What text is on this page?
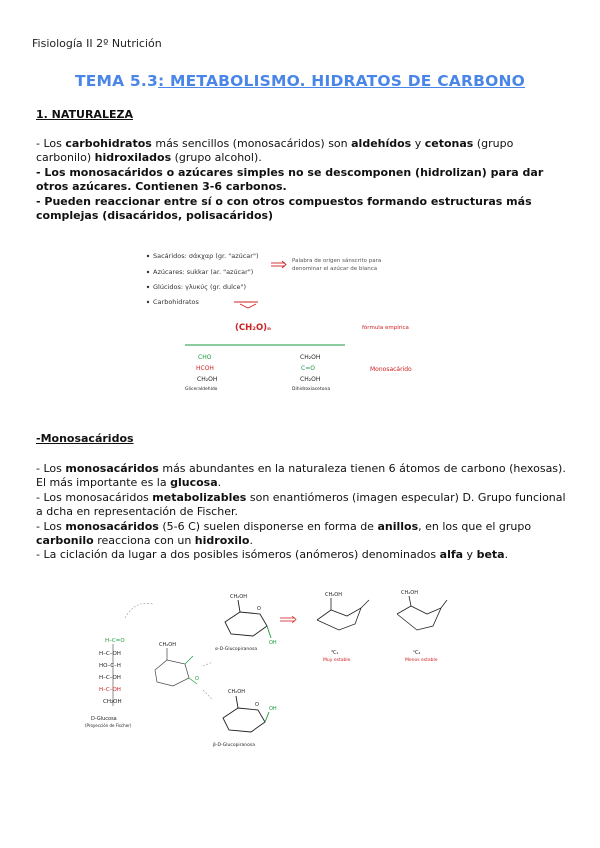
Fisiología II 2º Nutrición
TEMA 5.3: METABOLISMO. HIDRATOS DE CARBONO
1. NATURALEZA

- Los carbohidratos más sencillos (monosacáridos) son aldehídos y cetonas (grupo carbonilo) hidroxilados (grupo alcohol).

- Los monosacáridos o azúcares simples no se descomponen (hidrolizan) para dar otros azúcares. Contienen 3-6 carbonos.

- Pueden reaccionar entre sí o con otros compuestos formando estructuras más complejas (disacáridos, polisacáridos)

Sacáridos: σάκχαρ (gr. "azúcar")
Azúcares: sukkar (ar. "azúcar")
Glúcidos: γλυκύς (gr. dulce")
Carbohidratos
Palabra de origen sánscrito para
denominar el azúcar de blanca
(CH₂O)ₙ	fórmula empírica
CHO
HCOH
CH₂OH
Gliceraldehído
CH₂OH
C=O
CH₂OH
Dihidroxiacetona
Monosacárido
-Monosacáridos

- Los monosacáridos más abundantes en la naturaleza tienen 6 átomos de carbono (hexosas). El más importante es la glucosa.

- Los monosacáridos metabolizables son enantiómeros (imagen especular) D. Grupo funcional a dcha en representación de Fischer.

- Los monosacáridos (5-6 C) suelen disponerse en forma de anillos, en los que el grupo carbonilo reacciona con un hidroxilo.

- La ciclación da lugar a dos posibles isómeros (anómeros) denominados alfa y beta.

H–C=O
H–C–OH
HO–C–H
H–C–OH
H–C–OH
CH₂OH
D-Glucosa
(Proyección de Fischer)
CH₂OH
O
CH₂OH
O
OH
α-D-Glucopiranosa
CH₂OH
O
OH
β-D-Glucopiranosa
CH₂OH
⁴C₁
Muy estable
CH₂OH
¹C₄
Menos estable
